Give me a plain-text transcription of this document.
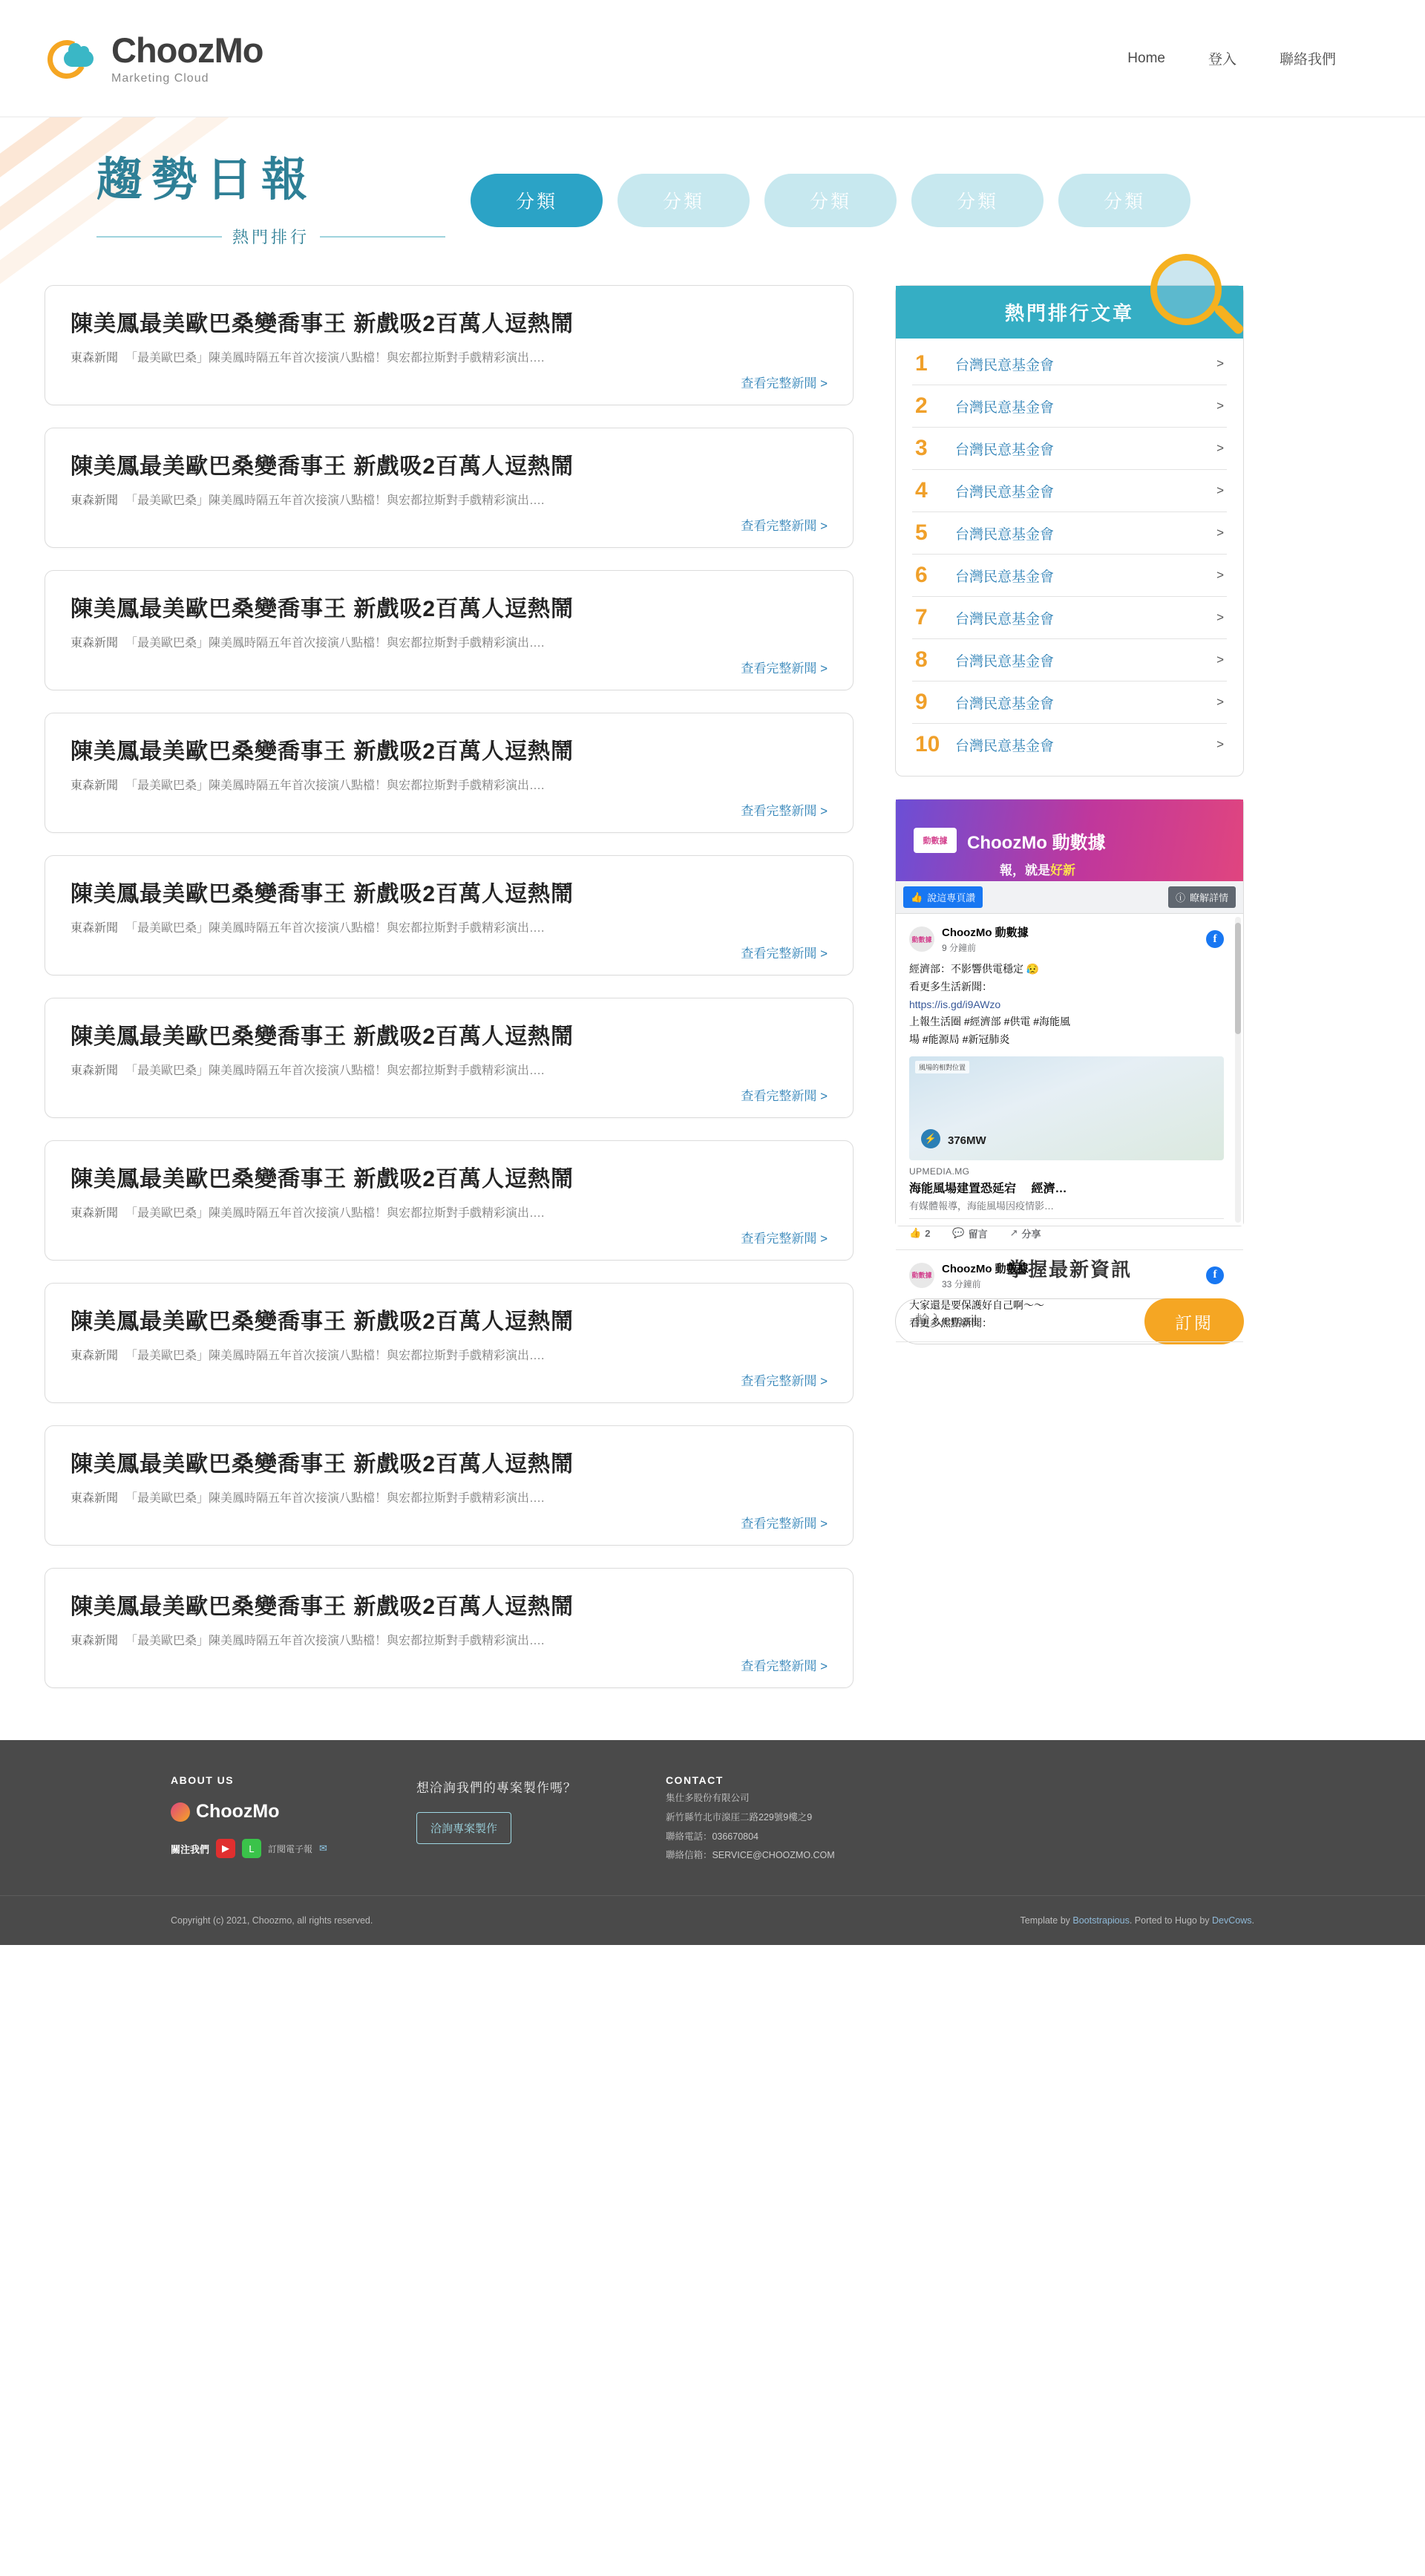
ChoozMo
Marketing Cloud
Home	登入	聯絡我們
趨勢日報
熱門排行
分類	分類	分類	分類	分類
陳美鳳最美歐巴桑變喬事王 新戲吸2百萬人逗熱鬧
東森新聞 「最美歐巴桑」陳美鳳時隔五年首次接演八點檔！與宏都拉斯對手戲精彩演出….
查看完整新聞 >
陳美鳳最美歐巴桑變喬事王 新戲吸2百萬人逗熱鬧
東森新聞 「最美歐巴桑」陳美鳳時隔五年首次接演八點檔！與宏都拉斯對手戲精彩演出….
查看完整新聞 >
陳美鳳最美歐巴桑變喬事王 新戲吸2百萬人逗熱鬧
東森新聞 「最美歐巴桑」陳美鳳時隔五年首次接演八點檔！與宏都拉斯對手戲精彩演出….
查看完整新聞 >
陳美鳳最美歐巴桑變喬事王 新戲吸2百萬人逗熱鬧
東森新聞 「最美歐巴桑」陳美鳳時隔五年首次接演八點檔！與宏都拉斯對手戲精彩演出….
查看完整新聞 >
陳美鳳最美歐巴桑變喬事王 新戲吸2百萬人逗熱鬧
東森新聞 「最美歐巴桑」陳美鳳時隔五年首次接演八點檔！與宏都拉斯對手戲精彩演出….
查看完整新聞 >
陳美鳳最美歐巴桑變喬事王 新戲吸2百萬人逗熱鬧
東森新聞 「最美歐巴桑」陳美鳳時隔五年首次接演八點檔！與宏都拉斯對手戲精彩演出….
查看完整新聞 >
陳美鳳最美歐巴桑變喬事王 新戲吸2百萬人逗熱鬧
東森新聞 「最美歐巴桑」陳美鳳時隔五年首次接演八點檔！與宏都拉斯對手戲精彩演出….
查看完整新聞 >
陳美鳳最美歐巴桑變喬事王 新戲吸2百萬人逗熱鬧
東森新聞 「最美歐巴桑」陳美鳳時隔五年首次接演八點檔！與宏都拉斯對手戲精彩演出….
查看完整新聞 >
陳美鳳最美歐巴桑變喬事王 新戲吸2百萬人逗熱鬧
東森新聞 「最美歐巴桑」陳美鳳時隔五年首次接演八點檔！與宏都拉斯對手戲精彩演出….
查看完整新聞 >
陳美鳳最美歐巴桑變喬事王 新戲吸2百萬人逗熱鬧
東森新聞 「最美歐巴桑」陳美鳳時隔五年首次接演八點檔！與宏都拉斯對手戲精彩演出….
查看完整新聞 >
熱門排行文章
1	台灣民意基金會	>
2	台灣民意基金會	>
3	台灣民意基金會	>
4	台灣民意基金會	>
5	台灣民意基金會	>
6	台灣民意基金會	>
7	台灣民意基金會	>
8	台灣民意基金會	>
9	台灣民意基金會	>
10 台灣民意基金會	>
動數據	ChoozMo 動數據
報，就是好新
👍 說這專頁讚	ⓘ 瞭解詳情
動數據
ChoozMo 動數據
9 分鐘前
f
經濟部：不影響供電穩定 😥
看更多生活新聞：
https://is.gd/i9AWzo
上報生活圈 #經濟部 #供電 #海能風
場 #能源局 #新冠肺炎
風場的相對位置
⚡ 376MW
UPMEDIA.MG
海能風場建置恐延宕 　經濟…
有媒體報導，海能風場因疫情影…
👍 2 💬 留言 ↗ 分享
動數據
ChoozMo 動數據
33 分鐘前
f
大家還是要保護好自己啊～～
看更多焦點新聞：
掌握最新資訊
輸入email
訂閱
ABOUT US
ChoozMo
關注我們	▶	L	訂閱電子報 ✉
想洽詢我們的專案製作嗎？
洽詢專案製作
CONTACT
集仕多股份有限公司
新竹縣竹北市湶厓二路229號9樓之9
聯絡電話：036670804
聯絡信箱：SERVICE@CHOOZMO.COM
Copyright (c) 2021, Choozmo, all rights reserved.	Template by Bootstrapious. Ported to Hugo by DevCows.
